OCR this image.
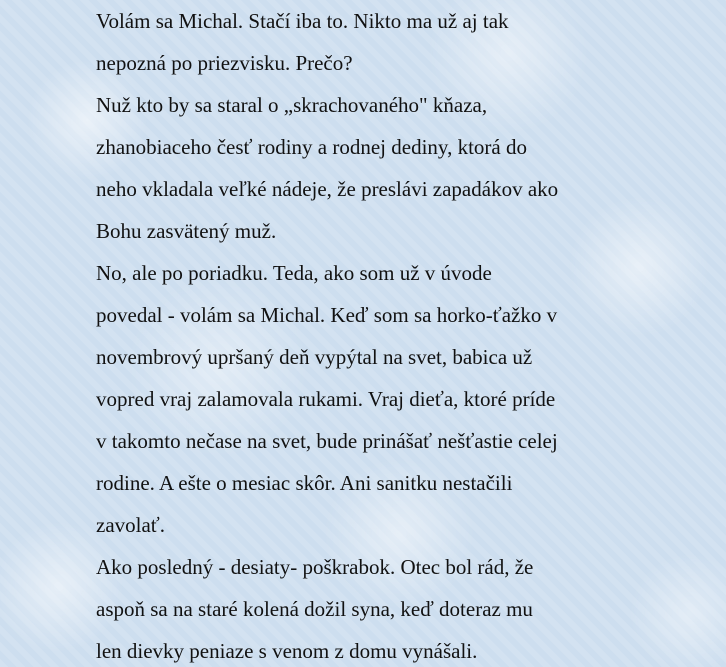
Volám sa Michal. Stačí iba to. Nikto ma už aj tak
nepozná po priezvisku. Prečo?
Nuž kto by sa staral o „skrachovaného" kňaza,
zhanobiaceho česť rodiny a rodnej dediny, ktorá do
neho vkladala veľké nádeje, že preslávi zapadákov ako
Bohu zasvätený muž.
No, ale po poriadku. Teda, ako som už v úvode
povedal - volám sa Michal. Keď som sa horko-ťažko v
novembrový upršaný deň vypýtal na svet, babica už
vopred vraj zalamovala rukami. Vraj dieťa, ktoré príde
v takomto nečase na svet, bude prinášať nešťastie celej
rodine. A ešte o mesiac skôr. Ani sanitku nestačili
zavolať.
Ako posledný - desiaty- poškrabok. Otec bol rád, že
aspoň sa na staré kolená dožil syna, keď doteraz mu
len dievky peniaze s venom z domu vynášali.
